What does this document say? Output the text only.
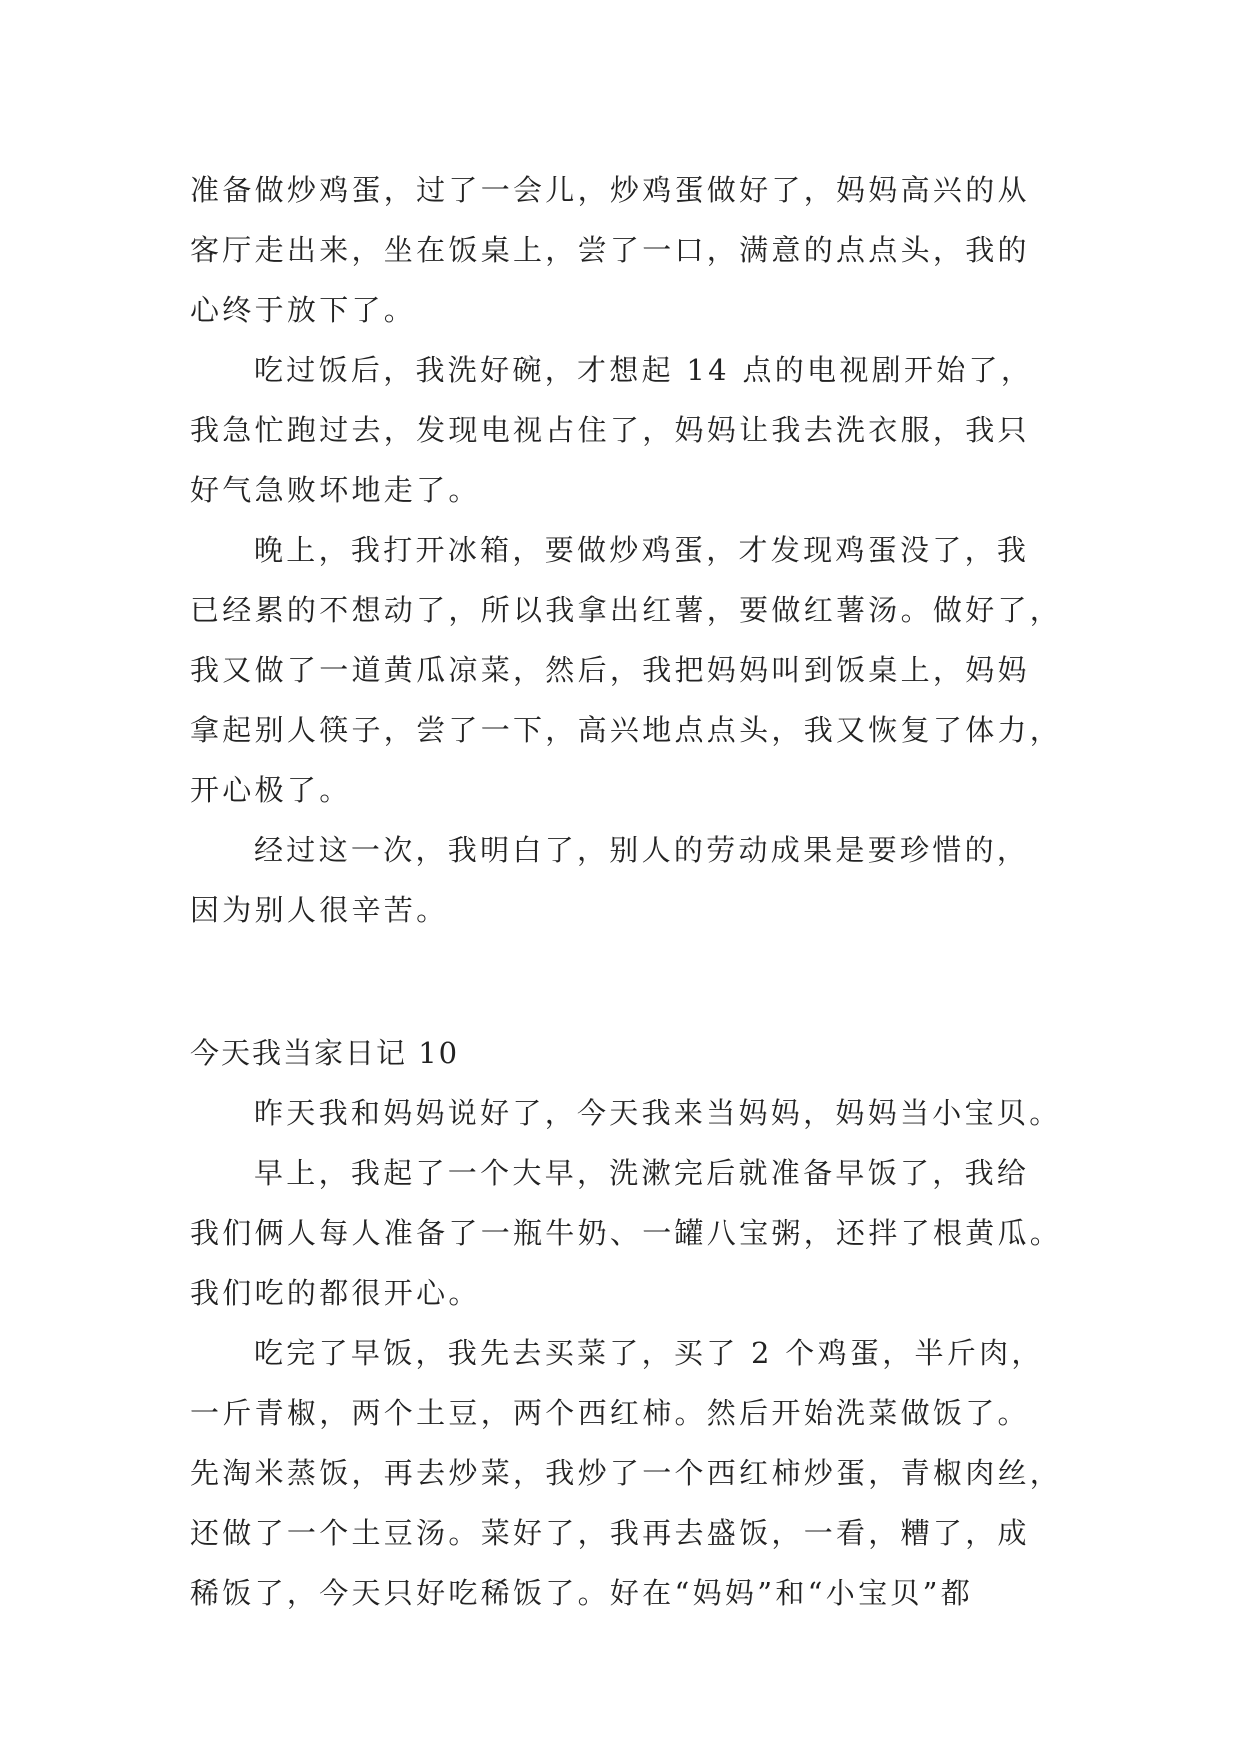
准备做炒鸡蛋，过了一会儿，炒鸡蛋做好了，妈妈高兴的从
客厅走出来，坐在饭桌上，尝了一口，满意的点点头，我的
心终于放下了。
吃过饭后，我洗好碗，才想起 14 点的电视剧开始了，
我急忙跑过去，发现电视占住了，妈妈让我去洗衣服，我只
好气急败坏地走了。
晚上，我打开冰箱，要做炒鸡蛋，才发现鸡蛋没了，我
已经累的不想动了，所以我拿出红薯，要做红薯汤。做好了，
我又做了一道黄瓜凉菜，然后，我把妈妈叫到饭桌上，妈妈
拿起别人筷子，尝了一下，高兴地点点头，我又恢复了体力，
开心极了。
经过这一次，我明白了，别人的劳动成果是要珍惜的，
因为别人很辛苦。
今天我当家日记 10
昨天我和妈妈说好了，今天我来当妈妈，妈妈当小宝贝。
早上，我起了一个大早，洗漱完后就准备早饭了，我给
我们俩人每人准备了一瓶牛奶、一罐八宝粥，还拌了根黄瓜。
我们吃的都很开心。
吃完了早饭，我先去买菜了，买了 2 个鸡蛋，半斤肉，
一斤青椒，两个土豆，两个西红柿。然后开始洗菜做饭了。
先淘米蒸饭，再去炒菜，我炒了一个西红柿炒蛋，青椒肉丝，
还做了一个土豆汤。菜好了，我再去盛饭，一看，糟了，成
稀饭了，今天只好吃稀饭了。好在“妈妈”和“小宝贝”都
